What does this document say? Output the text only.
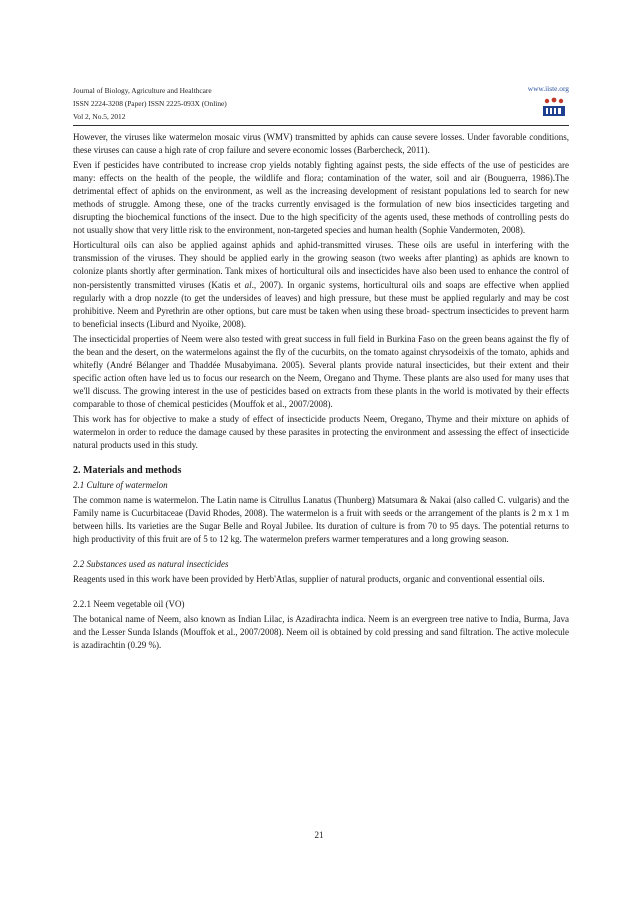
Journal of Biology, Agriculture and Healthcare
ISSN 2224-3208 (Paper) ISSN 2225-093X (Online)
Vol 2, No.5, 2012
www.iiste.org

However, the viruses like watermelon mosaic virus (WMV) transmitted by aphids can cause severe losses. Under favorable conditions, these viruses can cause a high rate of crop failure and severe economic losses (Barbercheck, 2011).

Even if pesticides have contributed to increase crop yields notably fighting against pests, the side effects of the use of pesticides are many: effects on the health of the people, the wildlife and flora; contamination of the water, soil and air (Bouguerra, 1986).The detrimental effect of aphids on the environment, as well as the increasing development of resistant populations led to search for new methods of struggle. Among these, one of the tracks currently envisaged is the formulation of new bios insecticides targeting and disrupting the biochemical functions of the insect. Due to the high specificity of the agents used, these methods of controlling pests do not usually show that very little risk to the environment, non-targeted species and human health (Sophie Vandermoten, 2008).

Horticultural oils can also be applied against aphids and aphid-transmitted viruses. These oils are useful in interfering with the transmission of the viruses. They should be applied early in the growing season (two weeks after planting) as aphids are known to colonize plants shortly after germination. Tank mixes of horticultural oils and insecticides have also been used to enhance the control of non-persistently transmitted viruses (Katis et al., 2007). In organic systems, horticultural oils and soaps are effective when applied regularly with a drop nozzle (to get the undersides of leaves) and high pressure, but these must be applied regularly and may be cost prohibitive. Neem and Pyrethrin are other options, but care must be taken when using these broad- spectrum insecticides to prevent harm to beneficial insects (Liburd and Nyoike, 2008).

The insecticidal properties of Neem were also tested with great success in full field in Burkina Faso on the green beans against the fly of the bean and the desert, on the watermelons against the fly of the cucurbits, on the tomato against chrysodeixis of the tomato, aphids and whitefly (André Bélanger and Thaddée Musabyimana. 2005). Several plants provide natural insecticides, but their extent and their specific action often have led us to focus our research on the Neem, Oregano and Thyme. These plants are also used for many uses that we'll discuss. The growing interest in the use of pesticides based on extracts from these plants in the world is motivated by their effects comparable to those of chemical pesticides (Mouffok et al., 2007/2008).

This work has for objective to make a study of effect of insecticide products Neem, Oregano, Thyme and their mixture on aphids of watermelon in order to reduce the damage caused by these parasites in protecting the environment and assessing the effect of insecticide natural products used in this study.

2. Materials and methods
2.1 Culture of watermelon

The common name is watermelon. The Latin name is Citrullus Lanatus (Thunberg) Matsumara & Nakai (also called C. vulgaris) and the Family name is Cucurbitaceae (David Rhodes, 2008). The watermelon is a fruit with seeds or the arrangement of the plants is 2 m x 1 m between hills. Its varieties are the Sugar Belle and Royal Jubilee. Its duration of culture is from 70 to 95 days. The potential returns to high productivity of this fruit are of 5 to 12 kg. The watermelon prefers warmer temperatures and a long growing season.

2.2 Substances used as natural insecticides

Reagents used in this work have been provided by Herb'Atlas, supplier of natural products, organic and conventional essential oils.

2.2.1 Neem vegetable oil (VO)

The botanical name of Neem, also known as Indian Lilac, is Azadirachta indica. Neem is an evergreen tree native to India, Burma, Java and the Lesser Sunda Islands (Mouffok et al., 2007/2008). Neem oil is obtained by cold pressing and sand filtration. The active molecule is azadirachtin (0.29 %).

21
